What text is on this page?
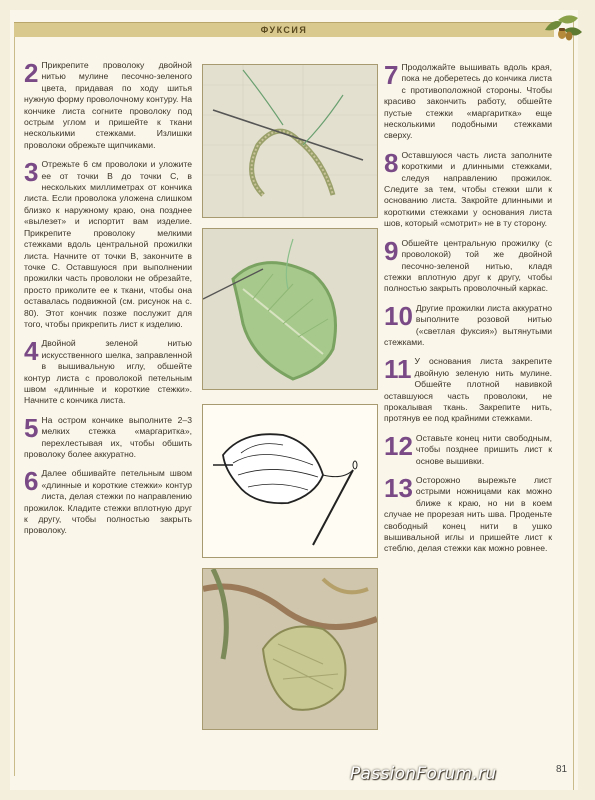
ФУКСИЯ
2 Прикрепите проволоку двойной нитью мулине песочно-зеленого цвета, придавая по ходу шитья нужную форму проволочному контуру. На кончике листа согните проволоку под острым углом и пришейте к ткани несколькими стежками. Излишки проволоки обрежьте щипчиками.

3 Отрежьте 6 см проволоки и уложите ее от точки В до точки С, в нескольких миллиметрах от кончика листа. Если проволока уложена слишком близко к наружному краю, она позднее «вылезет» и испортит вам изделие. Прикрепите проволоку мелкими стежками вдоль центральной прожилки листа. Начните от точки В, закончите в точке С. Оставшуюся при выполнении прожилки часть проволоки не обрезайте, просто приколите ее к ткани, чтобы она оставалась подвижной (см. рисунок на с. 80). Этот кончик позже послужит для того, чтобы прикрепить лист к изделию.

4 Двойной зеленой нитью искусственного шелка, заправленной в вышивальную иглу, обшейте контур листа с проволокой петельным швом «длинные и короткие стежки». Начните с кончика листа.

5 На остром кончике выполните 2–3 мелких стежка «маргаритка», перехлестывая их, чтобы обшить проволоку более аккуратно.

6 Далее обшивайте петельным швом «длинные и короткие стежки» контур листа, делая стежки по направлению прожилок. Кладите стежки вплотную друг к другу, чтобы полностью закрыть проволоку.

7 Продолжайте вышивать вдоль края, пока не доберетесь до кончика листа с противоположной стороны. Чтобы красиво закончить работу, обшейте пустые стежки «маргаритка» еще несколькими подобными стежками сверху.

8 Оставшуюся часть листа заполните короткими и длинными стежками, следуя направлению прожилок. Следите за тем, чтобы стежки шли к основанию листа. Закройте длинными и короткими стежками у основания листа шов, который «смотрит» не в ту сторону.

9 Обшейте центральную прожилку (с проволокой) той же двойной песочно-зеленой нитью, кладя стежки вплотную друг к другу, чтобы полностью закрыть проволочный каркас.

10 Другие прожилки листа аккуратно выполните розовой нитью («светлая фуксия») вытянутыми стежками.

11 У основания листа закрепите двойную зеленую нить мулине. Обшейте плотной навивкой оставшуюся часть проволоки, не прокалывая ткань. Закрепите нить, протянув ее под крайними стежками.

12 Оставьте конец нити свободным, чтобы позднее пришить лист к основе вышивки.

13 Осторожно вырежьте лист острыми ножницами как можно ближе к краю, но ни в коем случае не прорезая нить шва. Проденьте свободный конец нити в ушко вышивальной иглы и пришейте лист к стеблю, делая стежки как можно ровнее.

PassionForum.ru	81
